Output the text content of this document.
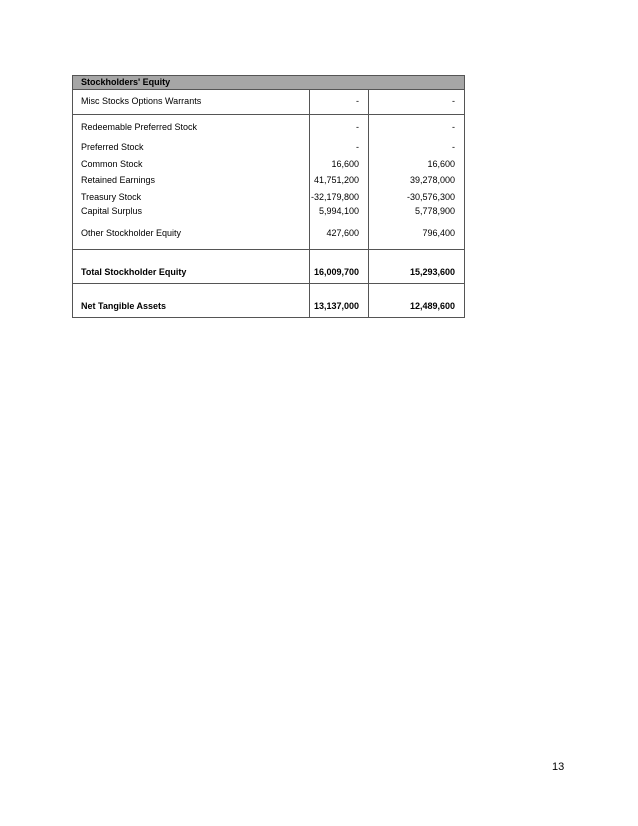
Stockholders' Equity
Misc Stocks Options Warrants	-	-
Redeemable Preferred Stock	-	-
Preferred Stock	-	-
Common Stock	16,600	16,600
Retained Earnings	41,751,200	39,278,000
Treasury Stock	-32,179,800	-30,576,300
Capital Surplus	5,994,100	5,778,900
Other Stockholder Equity	427,600	796,400
Total Stockholder Equity	16,009,700	15,293,600
Net Tangible Assets	13,137,000	12,489,600
13
